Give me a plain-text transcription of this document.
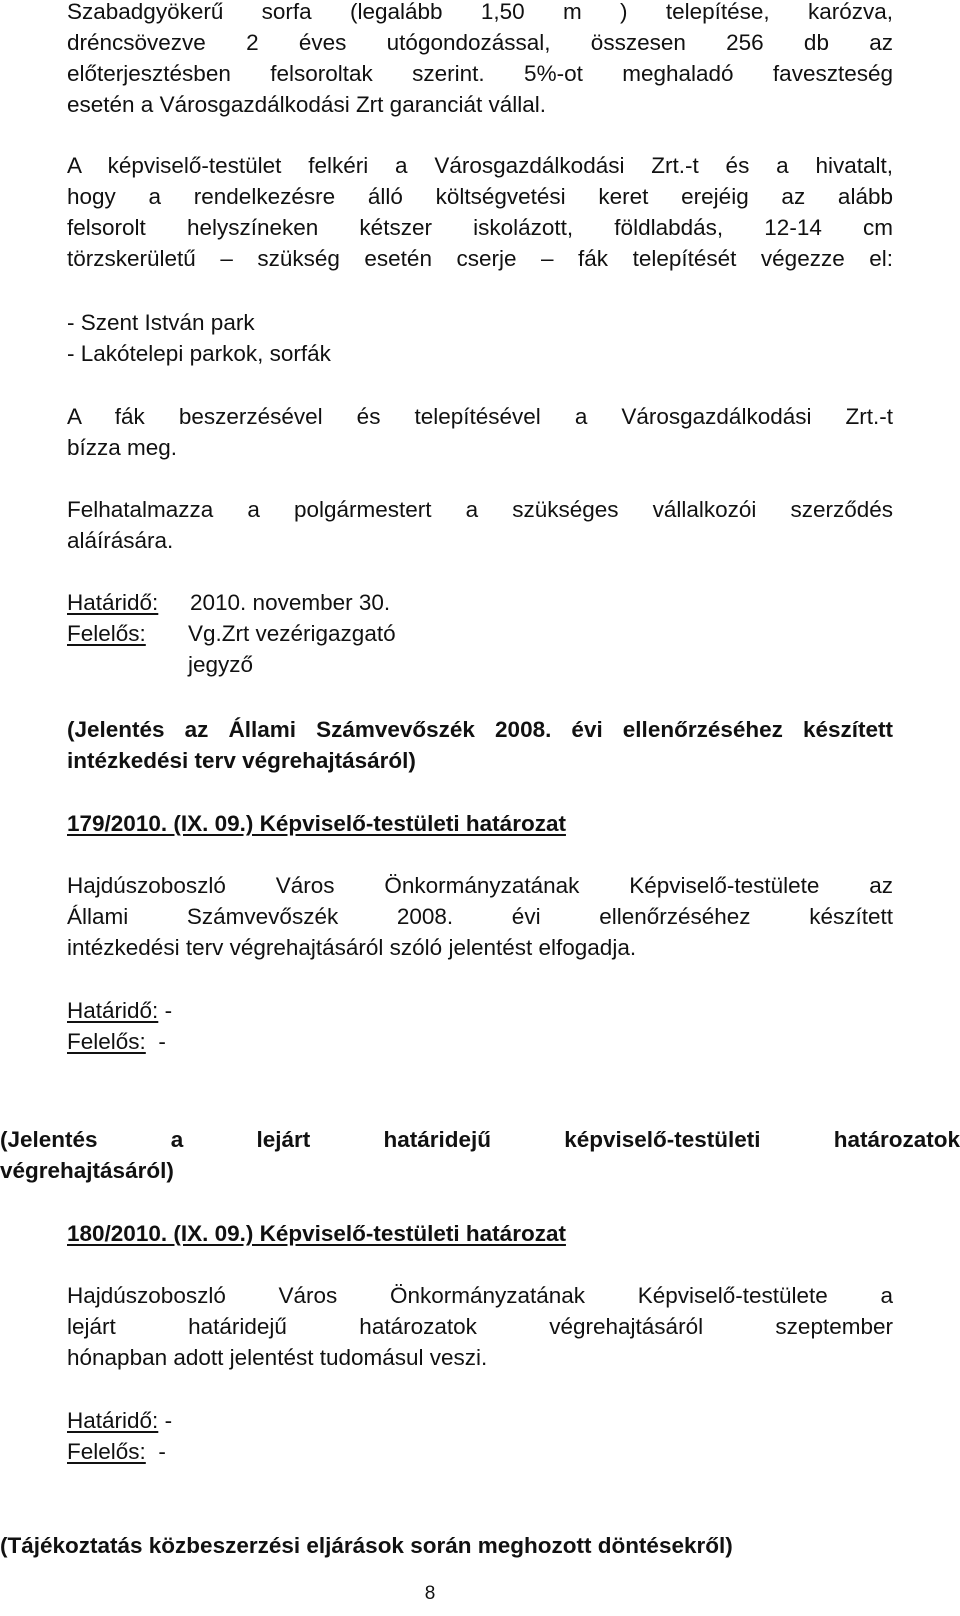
Szabadgyökerű sorfa (legalább 1,50 m ) telepítése, karózva,
dréncsövezve 2 éves utógondozással, összesen 256 db az
előterjesztésben felsoroltak szerint. 5%-ot meghaladó faveszteség
esetén a Városgazdálkodási Zrt garanciát vállal.
A képviselő-testület felkéri a Városgazdálkodási Zrt.-t és a hivatalt,
hogy a rendelkezésre álló költségvetési keret erejéig az alább
felsorolt helyszíneken kétszer iskolázott, földlabdás, 12-14 cm
törzskerületű – szükség esetén cserje – fák telepítését végezze el:
- Szent István park
- Lakótelepi parkok, sorfák
A fák beszerzésével és telepítésével a Városgazdálkodási Zrt.-t
bízza meg.
Felhatalmazza a polgármestert a szükséges vállalkozói szerződés
aláírására.
Határidő: 2010. november 30.
Felelős: Vg.Zrt vezérigazgató
jegyző
(Jelentés az Állami Számvevőszék 2008. évi ellenőrzéséhez készített
intézkedési terv végrehajtásáról)
179/2010. (IX. 09.) Képviselő-testületi határozat
Hajdúszoboszló Város Önkormányzatának Képviselő-testülete az
Állami Számvevőszék 2008. évi ellenőrzéséhez készített
intézkedési terv végrehajtásáról szóló jelentést elfogadja.
Határidő: -
Felelős: -
(Jelentés a lejárt határidejű képviselő-testületi határozatok
végrehajtásáról)
180/2010. (IX. 09.) Képviselő-testületi határozat
Hajdúszoboszló Város Önkormányzatának Képviselő-testülete a
lejárt határidejű határozatok végrehajtásáról szeptember
hónapban adott jelentést tudomásul veszi.
Határidő: -
Felelős: -
(Tájékoztatás közbeszerzési eljárások során meghozott döntésekről)
8
